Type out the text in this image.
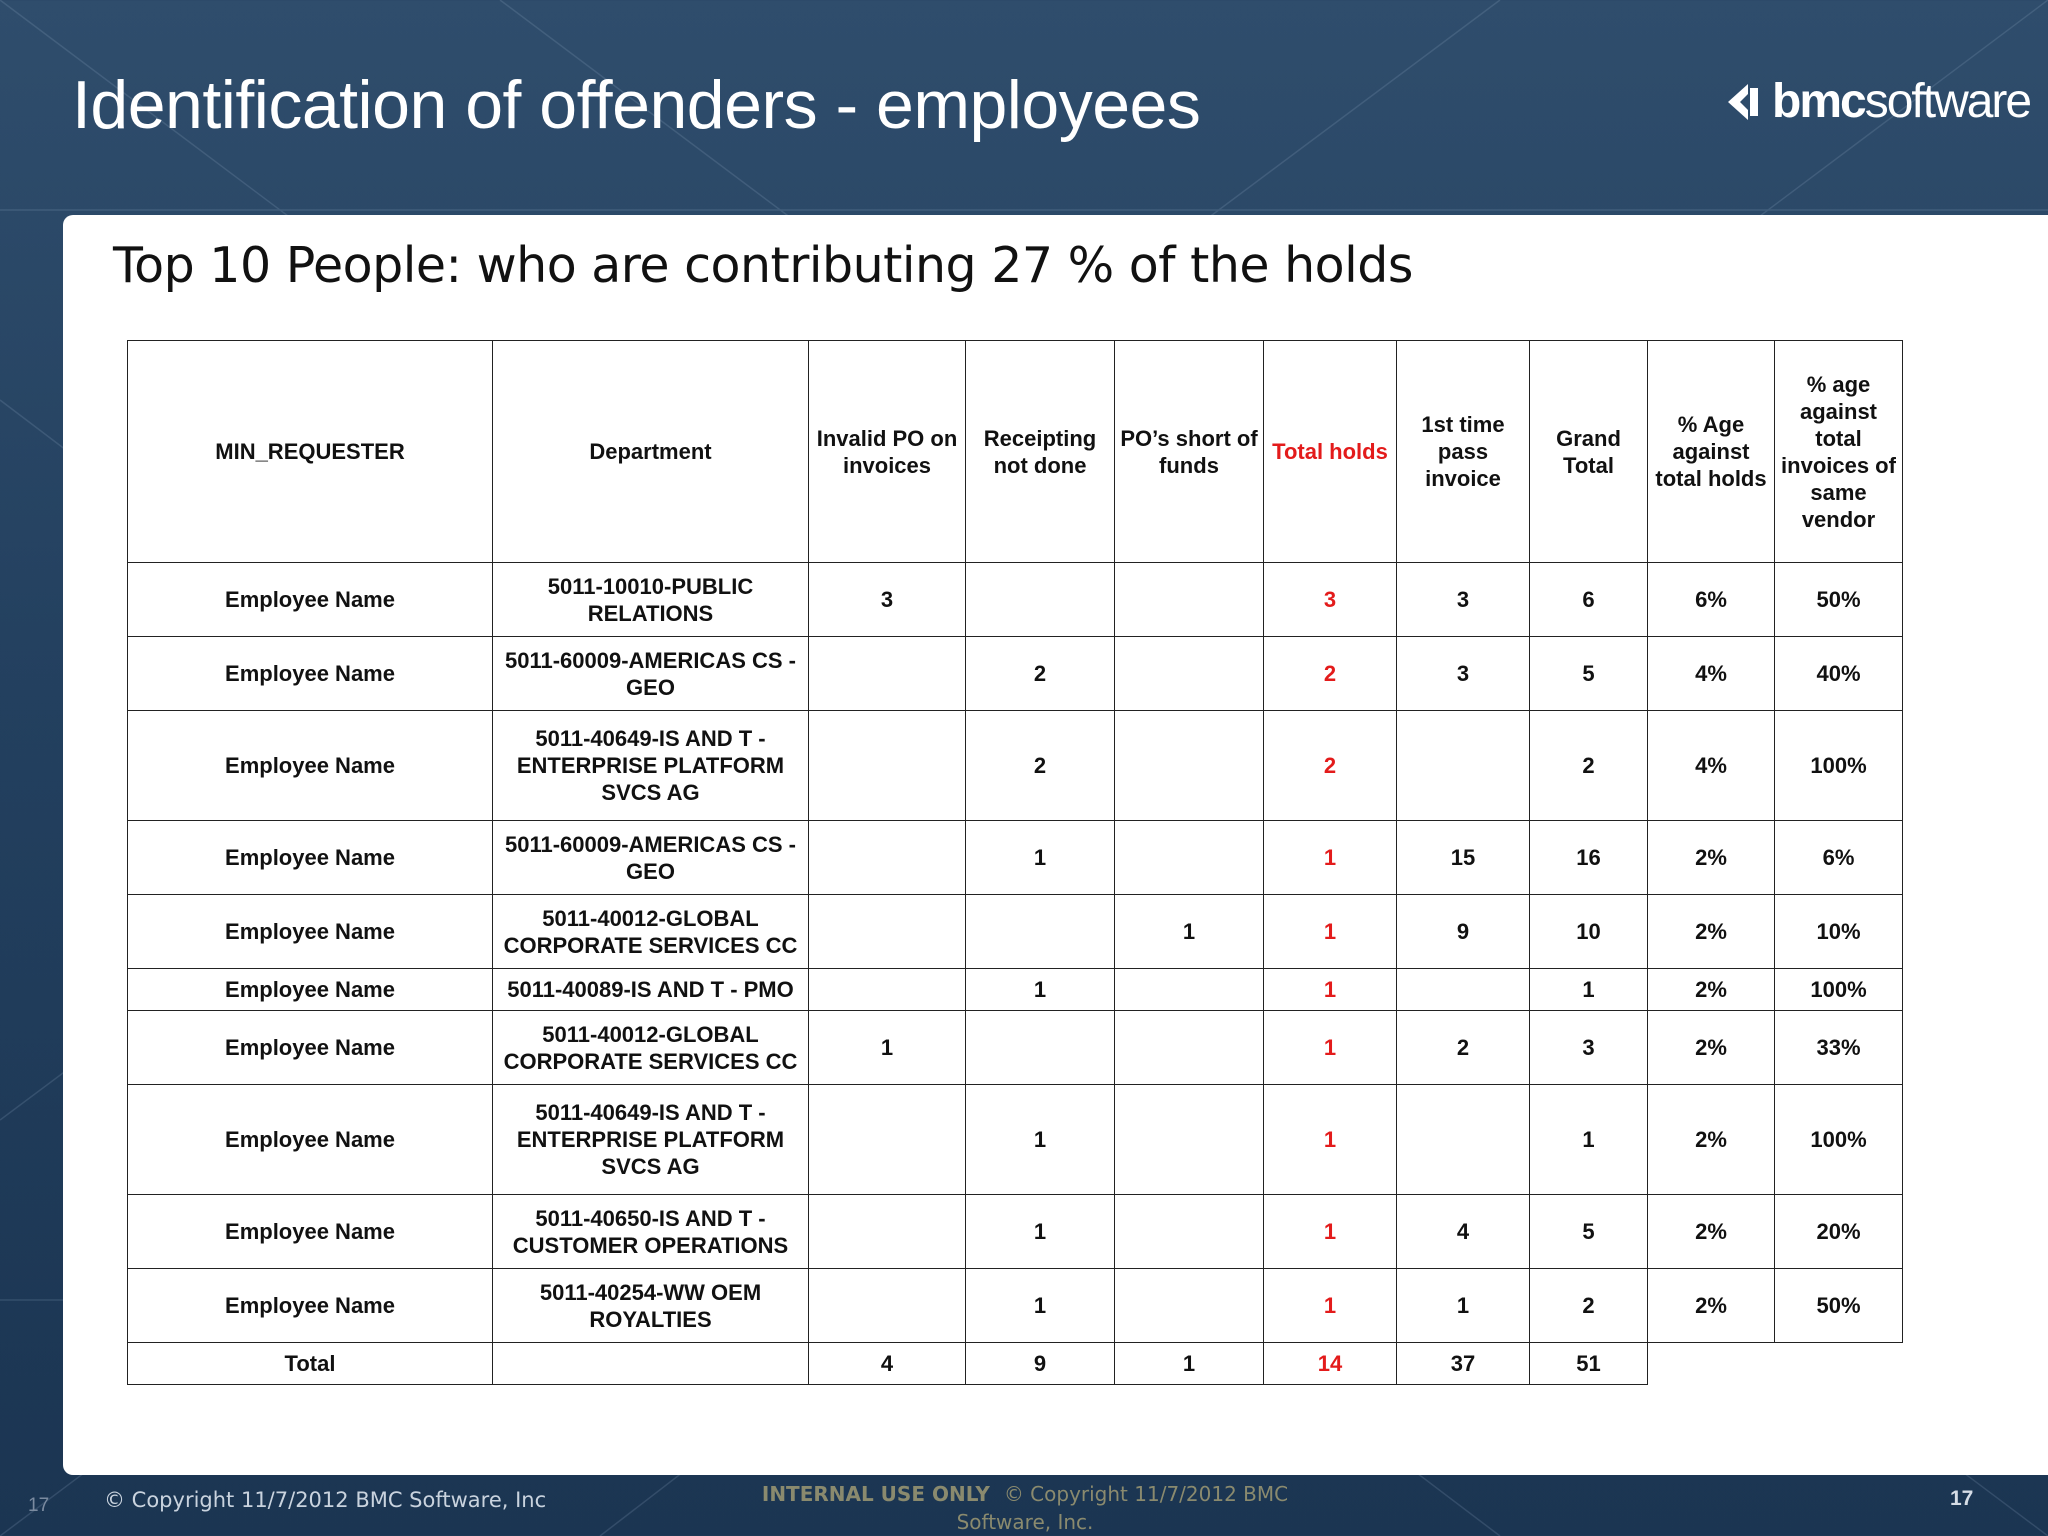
Identification of offenders - employees	bmcsoftware
Top 10 People: who are contributing 27 % of the holds
MIN_REQUESTER	Department	Invalid PO on invoices	Receipting not done	PO’s short of funds	Total holds	1st time pass invoice	Grand Total	% Age against total holds	% age against total invoices of same vendor
Employee Name	5011-10010-PUBLIC RELATIONS	3			3	3	6	6%	50%
Employee Name	5011-60009-AMERICAS CS - GEO		2		2	3	5	4%	40%
Employee Name	5011-40649-IS AND T - ENTERPRISE PLATFORM SVCS AG		2		2		2	4%	100%
Employee Name	5011-60009-AMERICAS CS - GEO		1		1	15	16	2%	6%
Employee Name	5011-40012-GLOBAL CORPORATE SERVICES CC			1	1	9	10	2%	10%
Employee Name	5011-40089-IS AND T - PMO		1		1		1	2%	100%
Employee Name	5011-40012-GLOBAL CORPORATE SERVICES CC	1			1	2	3	2%	33%
Employee Name	5011-40649-IS AND T - ENTERPRISE PLATFORM SVCS AG		1		1		1	2%	100%
Employee Name	5011-40650-IS AND T - CUSTOMER OPERATIONS		1		1	4	5	2%	20%
Employee Name	5011-40254-WW OEM ROYALTIES		1		1	1	2	2%	50%
Total		4	9	1	14	37	51		
17	© Copyright 11/7/2012 BMC Software, Inc	INTERNAL USE ONLY © Copyright 11/7/2012 BMC Software, Inc.
17
